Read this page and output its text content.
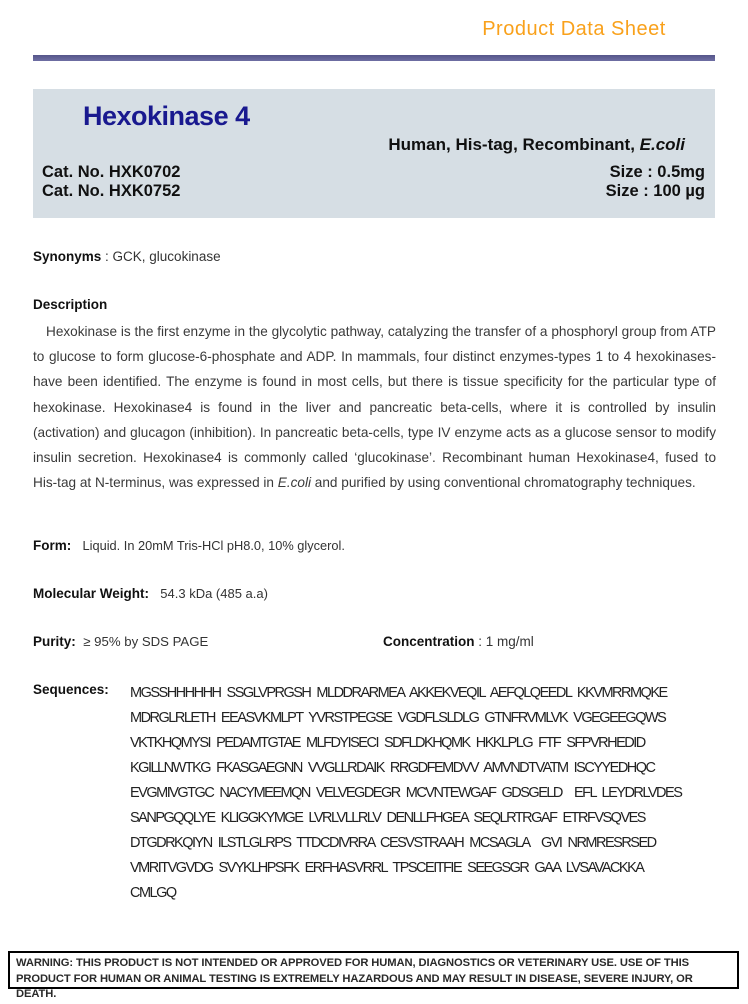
Product Data Sheet
Hexokinase 4
Human, His-tag, Recombinant, E.coli
Cat. No. HXK0702
Cat. No. HXK0752
Size : 0.5mg
Size : 100 µg
Synonyms : GCK, glucokinase
Description
Hexokinase is the first enzyme in the glycolytic pathway, catalyzing the transfer of a phosphoryl group from ATP to glucose to form glucose-6-phosphate and ADP. In mammals, four distinct enzymes-types 1 to 4 hexokinases-have been identified. The enzyme is found in most cells, but there is tissue specificity for the particular type of hexokinase. Hexokinase4 is found in the liver and pancreatic beta-cells, where it is controlled by insulin (activation) and glucagon (inhibition). In pancreatic beta-cells, type IV enzyme acts as a glucose sensor to modify insulin secretion. Hexokinase4 is commonly called ‘glucokinase’. Recombinant human Hexokinase4, fused to His-tag at N-terminus, was expressed in E.coli and purified by using conventional chromatography techniques.
Form: Liquid. In 20mM Tris-HCl pH8.0, 10% glycerol.
Molecular Weight: 54.3 kDa (485 a.a)
Purity: ≥ 95% by SDS PAGE	Concentration : 1 mg/ml
Sequences: MGSSHHHHHH SSGLVPRGSH MLDDRARMEA AKKEKVEQIL AEFQLQEEDL KKVMRRMQKE
MDRGLRLETH EEASVKMLPT YVRSTPEGSE VGDFLSLDLG GTNFRVMLVK VGEGEEGQWS
VKTKHQMYSI PEDAMTGTAE MLFDYISECI SDFLDKHQMK HKKLPLG FTF SFPVRHEDID
KGILLNWTKG FKASGAEGNN VVGLLRDAIK RRGDFEMDVV AMVNDTVATM ISCYYEDHQC
EVGMIVGTGC NACYMEEMQN VELVEGDEGR MCVNTEWGAF GDSGELD  EFL LEYDRLVDES
SANPGQQLYE KLIGGKYMGE LVRLVLLRLV DENLLFHGEA SEQLRTRGAF ETRFVSQVES
DTGDRKQIYN ILSTLGLRPS TTDCDIVRRA CESVSTRAAH MCSAGLA  GVI NRMRESRSED
VMRITVGVDG SVYKLHPSFK ERFHASVRRL TPSCEITFIE SEEGSGR GAA LVSAVACKKA
CMLGQ
WARNING: THIS PRODUCT IS NOT INTENDED OR APPROVED FOR HUMAN, DIAGNOSTICS OR VETERINARY USE. USE OF THIS PRODUCT FOR HUMAN OR ANIMAL TESTING IS EXTREMELY HAZARDOUS AND MAY RESULT IN DISEASE, SEVERE INJURY, OR DEATH.
